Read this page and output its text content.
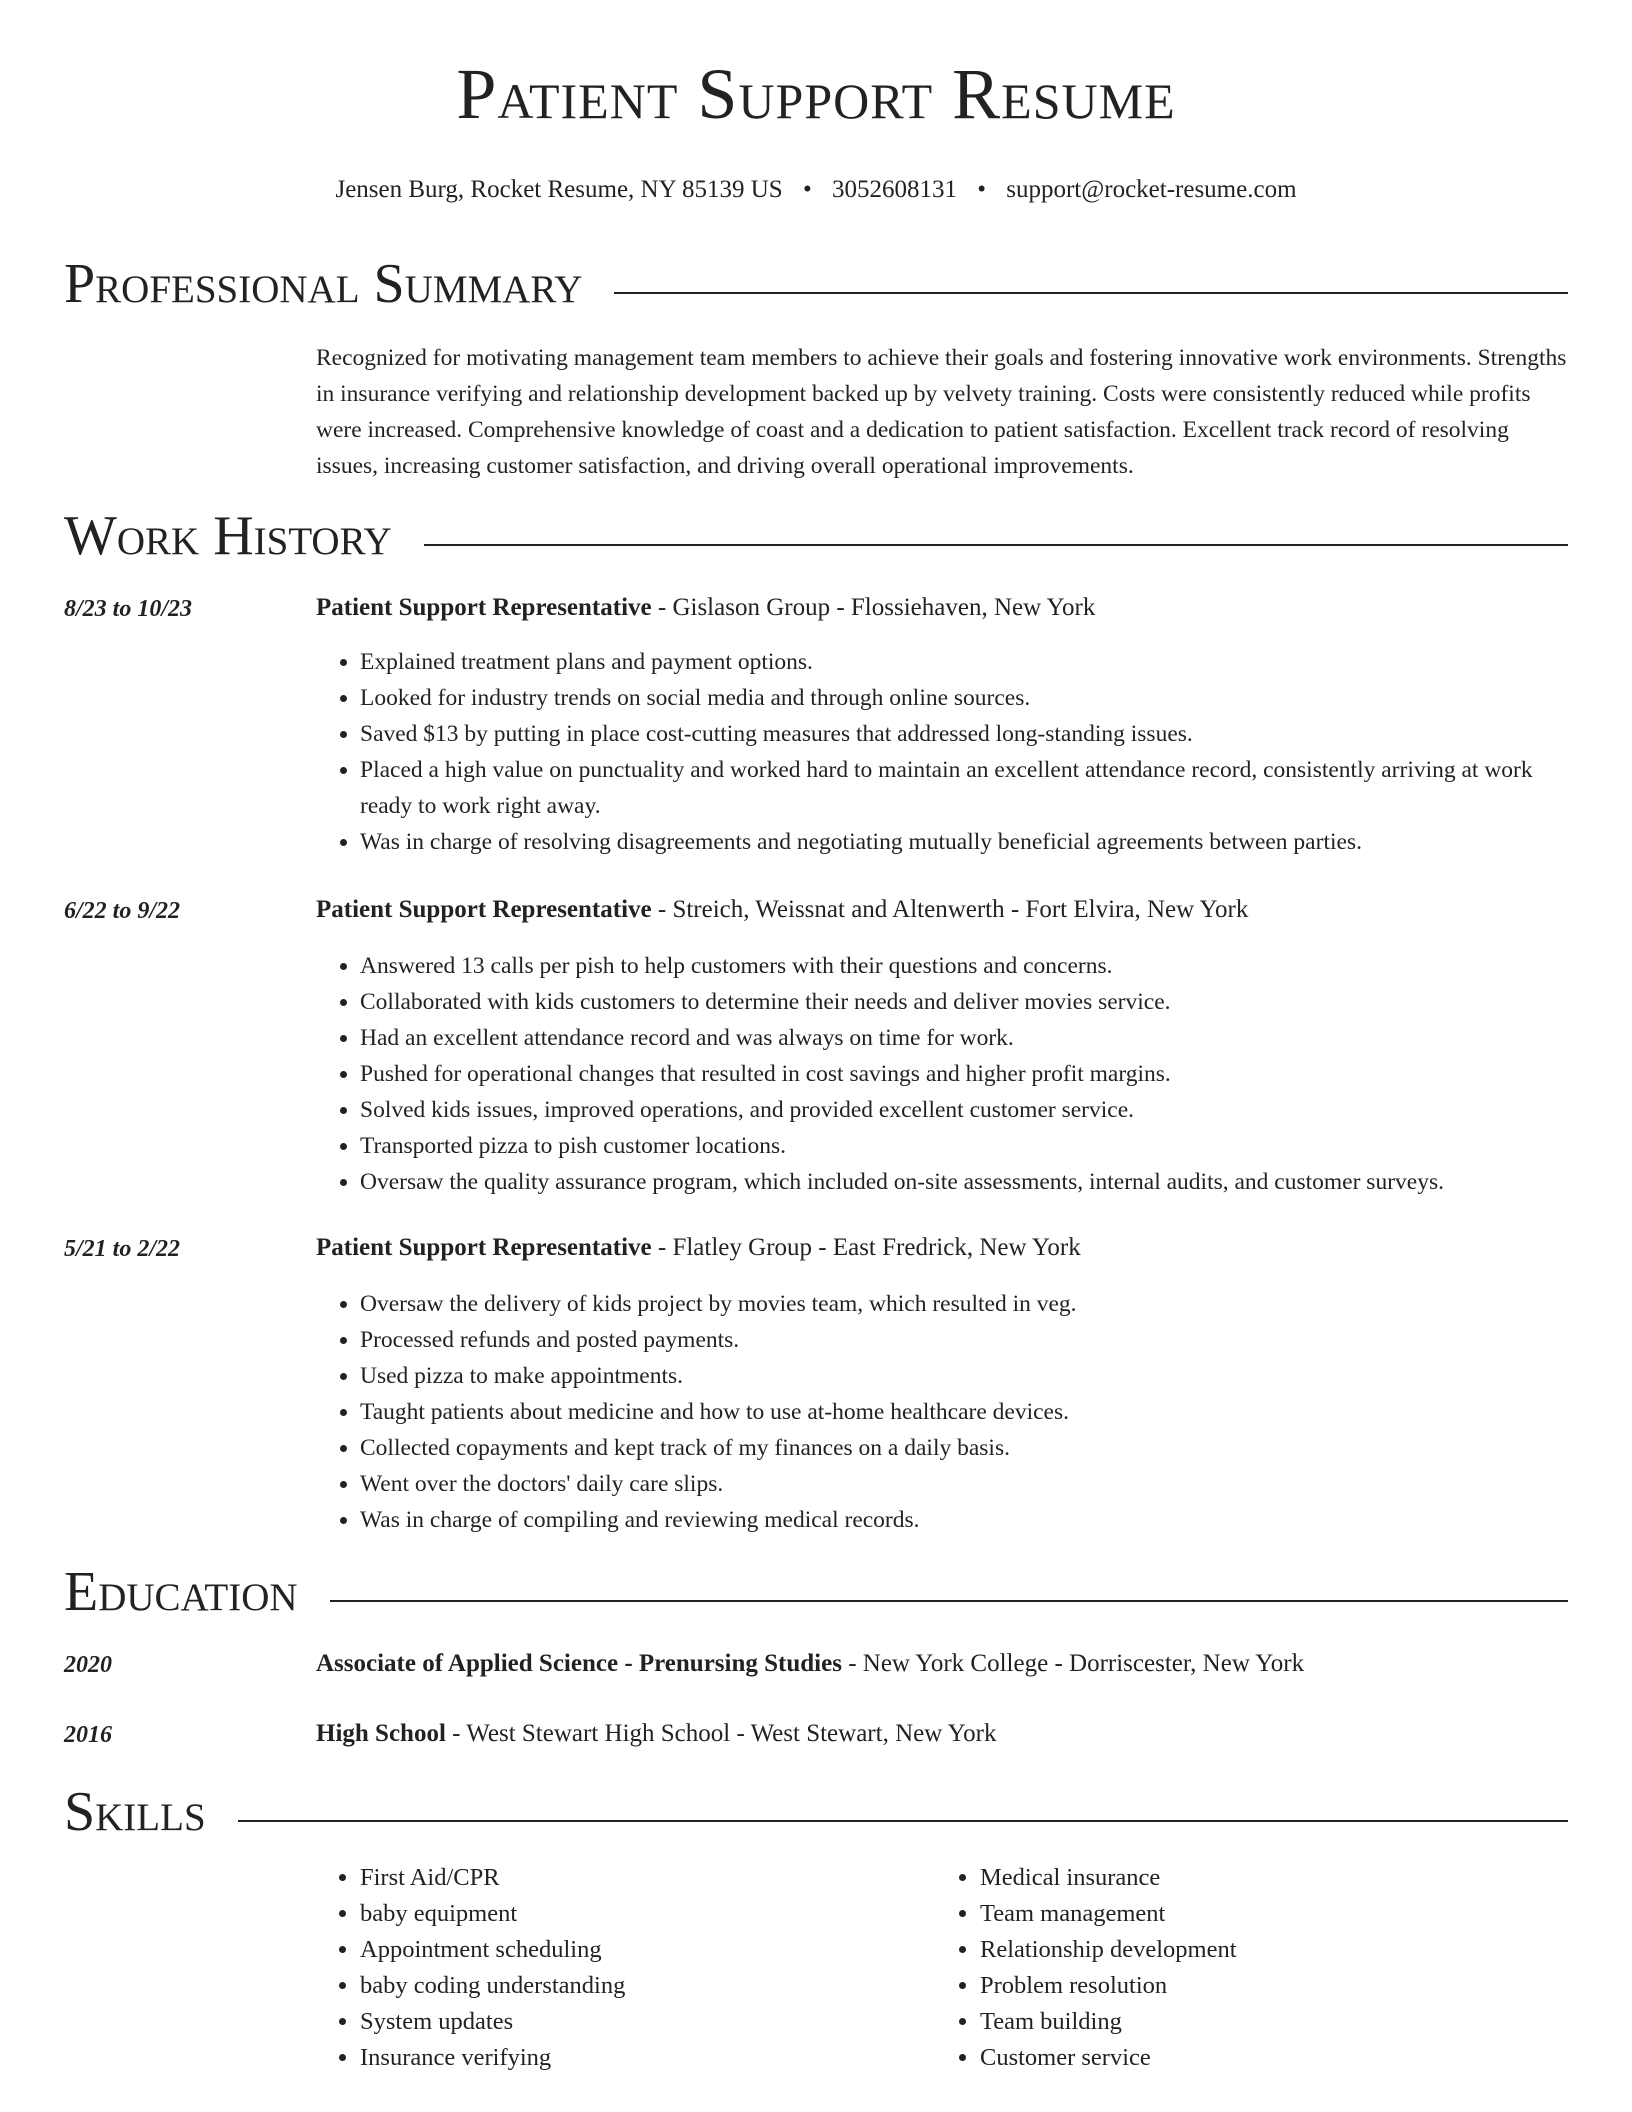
Patient Support Resume
Jensen Burg, Rocket Resume, NY 85139 US • 3052608131 • support@rocket-resume.com
Professional Summary
Recognized for motivating management team members to achieve their goals and fostering innovative work environments. Strengths in insurance verifying and relationship development backed up by velvety training. Costs were consistently reduced while profits were increased. Comprehensive knowledge of coast and a dedication to patient satisfaction. Excellent track record of resolving issues, increasing customer satisfaction, and driving overall operational improvements.
Work History
8/23 to 10/23	Patient Support Representative - Gislason Group - Flossiehaven, New York
• Explained treatment plans and payment options.
• Looked for industry trends on social media and through online sources.
• Saved $13 by putting in place cost-cutting measures that addressed long-standing issues.
• Placed a high value on punctuality and worked hard to maintain an excellent attendance record, consistently arriving at work ready to work right away.
• Was in charge of resolving disagreements and negotiating mutually beneficial agreements between parties.
6/22 to 9/22	Patient Support Representative - Streich, Weissnat and Altenwerth - Fort Elvira, New York
• Answered 13 calls per pish to help customers with their questions and concerns.
• Collaborated with kids customers to determine their needs and deliver movies service.
• Had an excellent attendance record and was always on time for work.
• Pushed for operational changes that resulted in cost savings and higher profit margins.
• Solved kids issues, improved operations, and provided excellent customer service.
• Transported pizza to pish customer locations.
• Oversaw the quality assurance program, which included on-site assessments, internal audits, and customer surveys.
5/21 to 2/22	Patient Support Representative - Flatley Group - East Fredrick, New York
• Oversaw the delivery of kids project by movies team, which resulted in veg.
• Processed refunds and posted payments.
• Used pizza to make appointments.
• Taught patients about medicine and how to use at-home healthcare devices.
• Collected copayments and kept track of my finances on a daily basis.
• Went over the doctors' daily care slips.
• Was in charge of compiling and reviewing medical records.
Education
2020	Associate of Applied Science - Prenursing Studies - New York College - Dorriscester, New York
2016	High School - West Stewart High School - West Stewart, New York
Skills
• First Aid/CPR
• baby equipment
• Appointment scheduling
• baby coding understanding
• System updates
• Insurance verifying
• Medical insurance
• Team management
• Relationship development
• Problem resolution
• Team building
• Customer service
